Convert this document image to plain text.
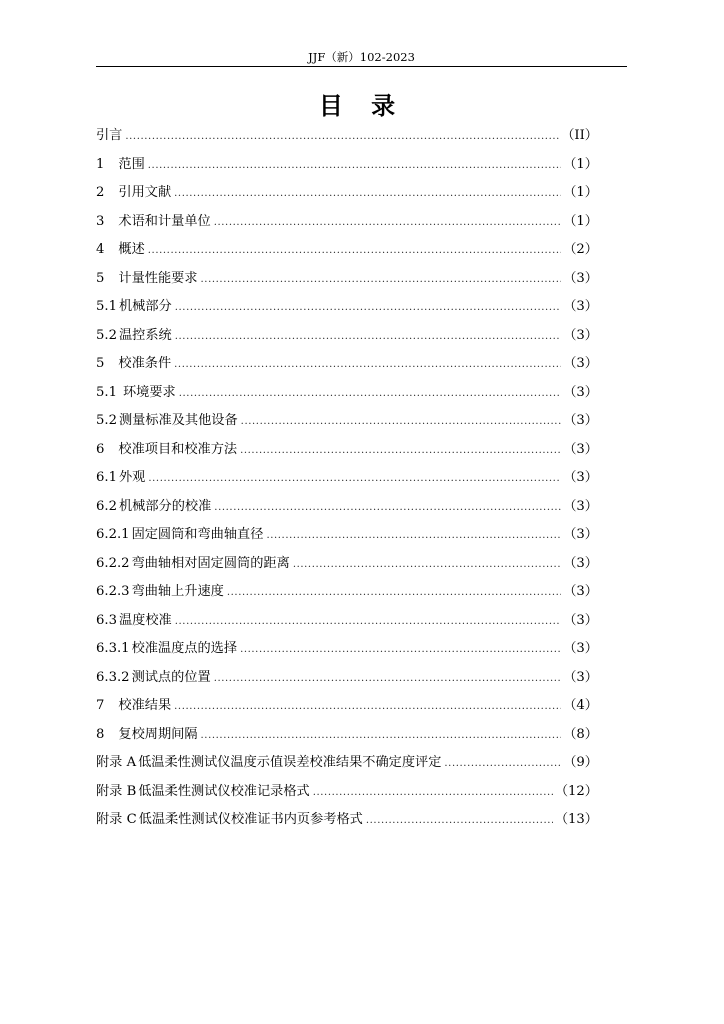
JJF（新）102-2023
目 录
引言 .....	（II）
1 范围 .....	（1）
2 引用文献 .....	（1）
3 术语和计量单位 .....	（1）
4 概述 .....	（2）
5 计量性能要求 .....	（3）
5.1 机械部分 .....	（3）
5.2 温控系统 .....	（3）
5 校准条件 .....	（3）
5.1 环境要求 .....	（3）
5.2 测量标准及其他设备 .....	（3）
6 校准项目和校准方法 .....	（3）
6.1 外观 .....	（3）
6.2 机械部分的校准 .....	（3）
6.2.1 固定圆筒和弯曲轴直径 .....	（3）
6.2.2 弯曲轴相对固定圆筒的距离 .....	（3）
6.2.3 弯曲轴上升速度 .....	（3）
6.3 温度校准 .....	（3）
6.3.1 校准温度点的选择 .....	（3）
6.3.2 测试点的位置 .....	（3）
7 校准结果 .....	（4）
8 复校周期间隔 .....	（8）
附录 A 低温柔性测试仪温度示值误差校准结果不确定度评定 .....	（9）
附录 B 低温柔性测试仪校准记录格式 .....	（12）
附录 C 低温柔性测试仪校准证书内页参考格式 .....	（13）
